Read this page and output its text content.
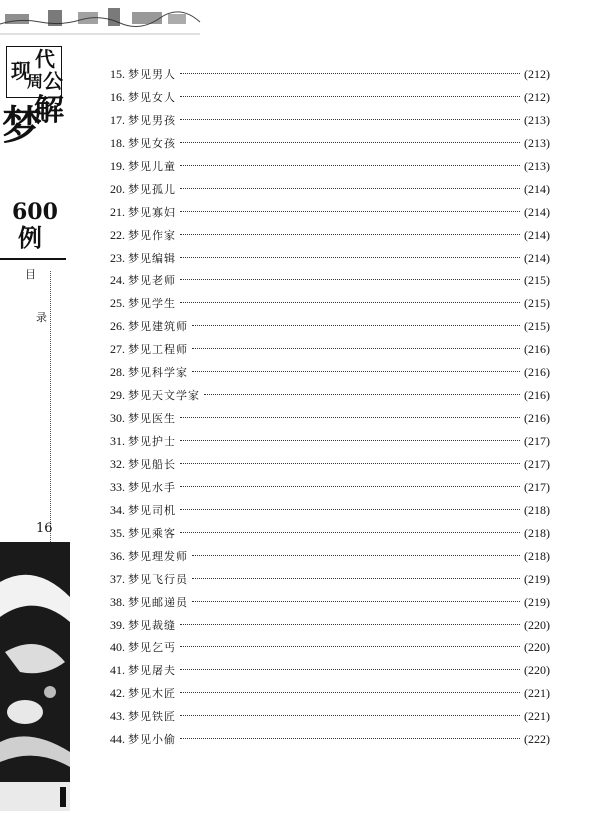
现 代
周 公
梦
解
600
例
目
录
16
15. 梦见男人	(212)
16. 梦见女人	(212)
17. 梦见男孩	(213)
18. 梦见女孩	(213)
19. 梦见儿童	(213)
20. 梦见孤儿	(214)
21. 梦见寡妇	(214)
22. 梦见作家	(214)
23. 梦见编辑	(214)
24. 梦见老师	(215)
25. 梦见学生	(215)
26. 梦见建筑师	(215)
27. 梦见工程师	(216)
28. 梦见科学家	(216)
29. 梦见天文学家	(216)
30. 梦见医生	(216)
31. 梦见护士	(217)
32. 梦见船长	(217)
33. 梦见水手	(217)
34. 梦见司机	(218)
35. 梦见乘客	(218)
36. 梦见理发师	(218)
37. 梦见飞行员	(219)
38. 梦见邮递员	(219)
39. 梦见裁缝	(220)
40. 梦见乞丐	(220)
41. 梦见屠夫	(220)
42. 梦见木匠	(221)
43. 梦见铁匠	(221)
44. 梦见小偷	(222)
